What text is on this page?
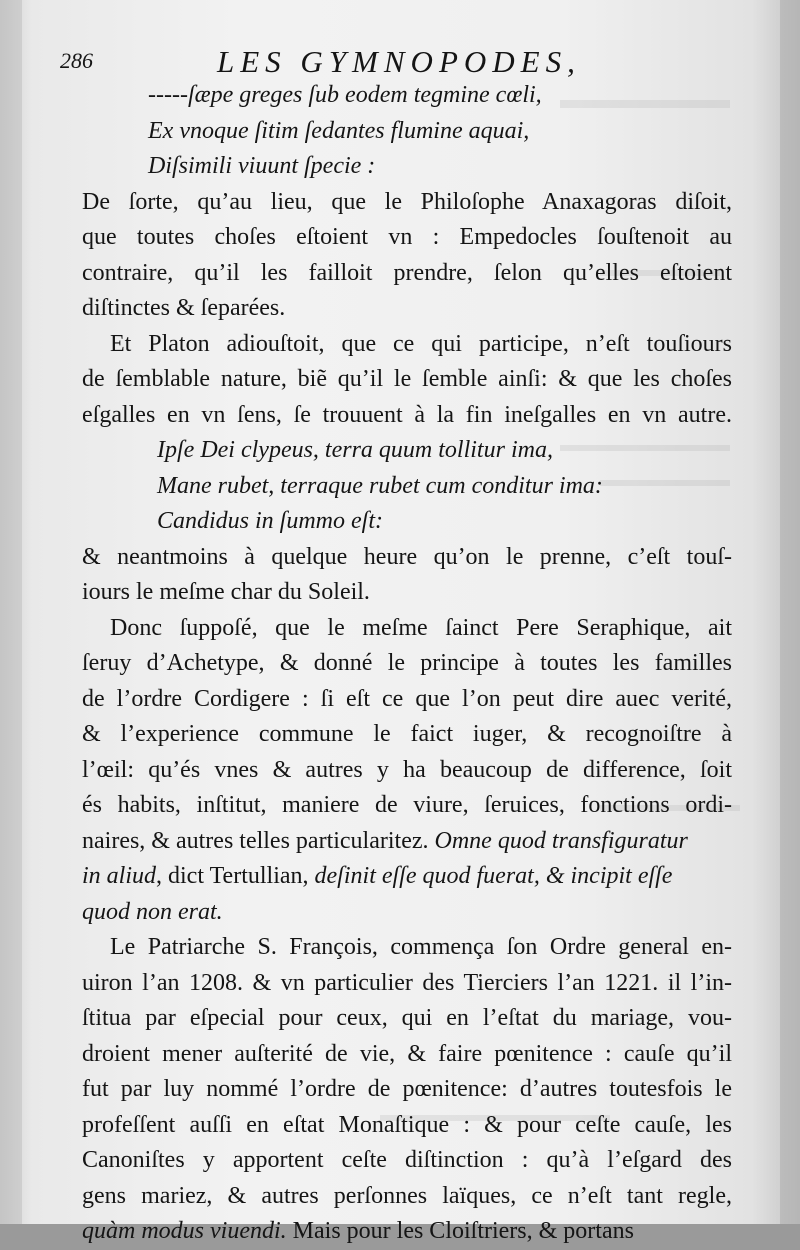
286	LES GYMNOPODES,
-----ſæpe greges ſub eodem tegmine cœli,
Ex vnoque ſitim ſedantes flumine aquai,
Diſsimili viuunt ſpecie :
De ſorte, qu’au lieu, que le Philoſophe Anaxagoras diſoit,
que toutes choſes eſtoient vn : Empedocles ſouſtenoit au
contraire, qu’il les failloit prendre, ſelon qu’elles eſtoient
diſtinctes & ſeparées.
Et Platon adiouſtoit, que ce qui participe, n’eſt touſiours
de ſemblable nature, biẽ qu’il le ſemble ainſi: & que les choſes
eſgalles en vn ſens, ſe trouuent à la fin ineſgalles en vn autre.
Ipſe Dei clypeus, terra quum tollitur ima,
Mane rubet, terraque rubet cum conditur ima:
Candidus in ſummo eſt:
& neantmoins à quelque heure qu’on le prenne, c’eſt touſ-
iours le meſme char du Soleil.
Donc ſuppoſé, que le meſme ſainct Pere Seraphique, ait
ſeruy d’Achetype, & donné le principe à toutes les familles
de l’ordre Cordigere : ſi eſt ce que l’on peut dire auec verité,
& l’experience commune le faict iuger, & recognoiſtre à
l’œil: qu’és vnes & autres y ha beaucoup de difference, ſoit
és habits, inſtitut, maniere de viure, ſeruices, fonctions ordi-
naires, & autres telles particularitez. Omne quod transfiguratur
in aliud, dict Tertullian, deſinit eſſe quod fuerat, & incipit eſſe
quod non erat.
Le Patriarche S. François, commença ſon Ordre general en-
uiron l’an 1208. & vn particulier des Tierciers l’an 1221. il l’in-
ſtitua par eſpecial pour ceux, qui en l’eſtat du mariage, vou-
droient mener auſterité de vie, & faire pœnitence : cauſe qu’il
fut par luy nommé l’ordre de pœnitence: d’autres toutesfois le
profeſſent auſſi en eſtat Monaſtique : & pour ceſte cauſe, les
Canoniſtes y apportent ceſte diſtinction : qu’à l’eſgard des
gens mariez, & autres perſonnes laïques, ce n’eſt tant regle,
quàm modus viuendi. Mais pour les Cloiſtriers, & portans
